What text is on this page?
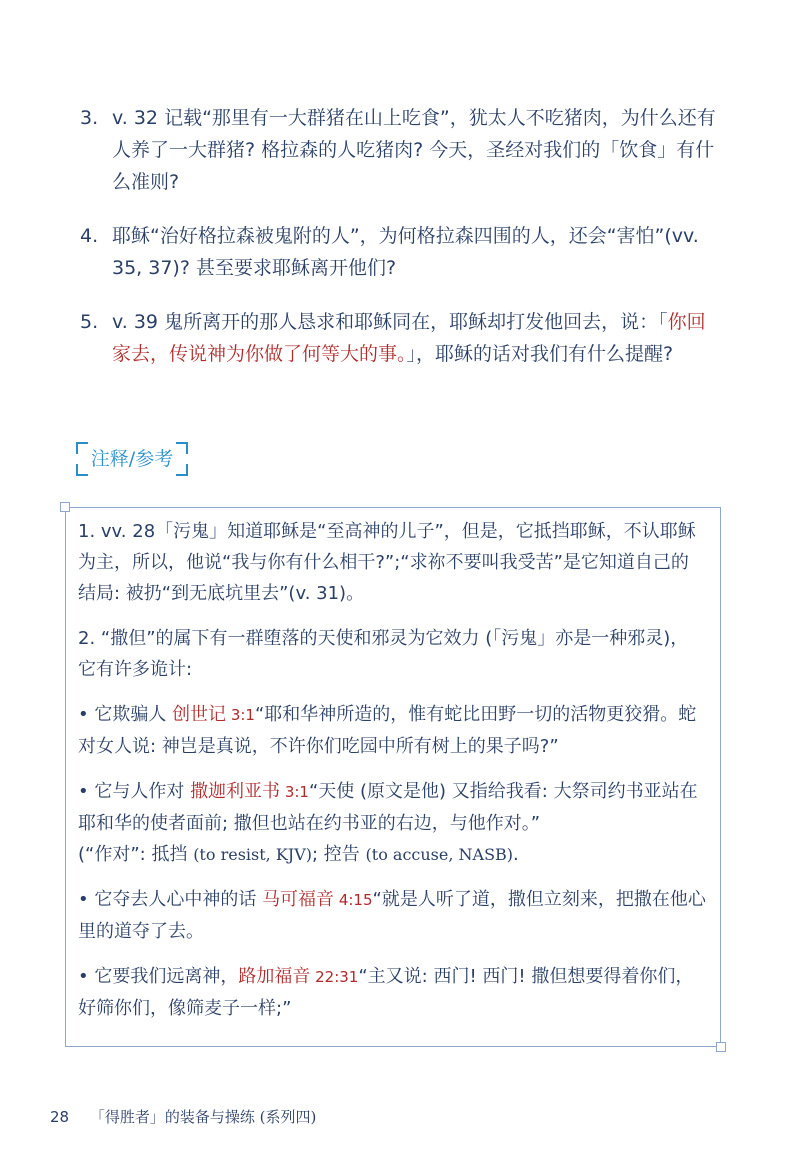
3. v. 32 记载“那里有一大群猪在山上吃食”，犹太人不吃猪肉，为什么还有人养了一大群猪? 格拉森的人吃猪肉? 今天，圣经对我们的「饮食」有什么准则?
4. 耶稣“治好格拉森被鬼附的人”，为何格拉森四围的人，还会“害怕”(vv. 35, 37)? 甚至要求耶稣离开他们?
5. v. 39 鬼所离开的那人恳求和耶稣同在，耶稣却打发他回去，说：「你回家去，传说神为你做了何等大的事。」，耶稣的话对我们有什么提醒?
注释/参考

1. vv. 28「污鬼」知道耶稣是“至高神的儿子”，但是，它抵挡耶稣，不认耶稣为主，所以，他说“我与你有什么相干?”;“求祢不要叫我受苦”是它知道自己的结局: 被扔“到无底坑里去”(v. 31)。

2. “撒但”的属下有一群堕落的天使和邪灵为它效力 (「污鬼」亦是一种邪灵)，它有许多诡计:

• 它欺骗人 创世记 3:1“耶和华神所造的，惟有蛇比田野一切的活物更狡猾。蛇对女人说: 神岂是真说，不许你们吃园中所有树上的果子吗?”

• 它与人作对 撒迦利亚书 3:1“天使 (原文是他) 又指给我看: 大祭司约书亚站在耶和华的使者面前; 撒但也站在约书亚的右边，与他作对。”
(“作对”: 抵挡 (to resist, KJV); 控告 (to accuse, NASB).

• 它夺去人心中神的话 马可福音 4:15“就是人听了道，撒但立刻来，把撒在他心里的道夺了去。

• 它要我们远离神，路加福音 22:31“主又说: 西门! 西门! 撒但想要得着你们，好筛你们，像筛麦子一样;”

28 「得胜者」的装备与操练 (系列四)
